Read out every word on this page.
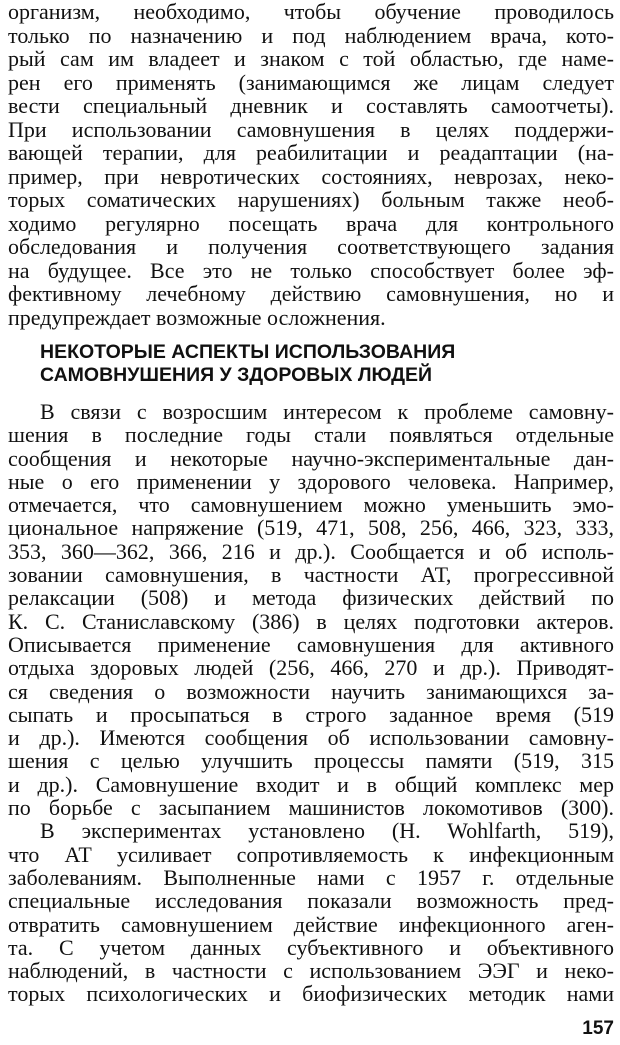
организм, необходимо, чтобы обучение проводилось
только по назначению и под наблюдением врача, кото-
рый сам им владеет и знаком с той областью, где наме-
рен его применять (занимающимся же лицам следует
вести специальный дневник и составлять самоотчеты).
При использовании самовнушения в целях поддержи-
вающей терапии, для реабилитации и реадаптации (на-
пример, при невротических состояниях, неврозах, неко-
торых соматических нарушениях) больным также необ-
ходимо регулярно посещать врача для контрольного
обследования и получения соответствующего задания
на будущее. Все это не только способствует более эф-
фективному лечебному действию самовнушения, но и
предупреждает возможные осложнения.
НЕКОТОРЫЕ АСПЕКТЫ ИСПОЛЬЗОВАНИЯ
САМОВНУШЕНИЯ У ЗДОРОВЫХ ЛЮДЕЙ
В связи с возросшим интересом к проблеме самовну-
шения в последние годы стали появляться отдельные
сообщения и некоторые научно-экспериментальные дан-
ные о его применении у здорового человека. Например,
отмечается, что самовнушением можно уменьшить эмо-
циональное напряжение (519, 471, 508, 256, 466, 323, 333,
353, 360—362, 366, 216 и др.). Сообщается и об исполь-
зовании самовнушения, в частности АТ, прогрессивной
релаксации (508) и метода физических действий по
К. С. Станиславскому (386) в целях подготовки актеров.
Описывается применение самовнушения для активного
отдыха здоровых людей (256, 466, 270 и др.). Приводят-
ся сведения о возможности научить занимающихся за-
сыпать и просыпаться в строго заданное время (519
и др.). Имеются сообщения об использовании самовну-
шения с целью улучшить процессы памяти (519, 315
и др.). Самовнушение входит и в общий комплекс мер
по борьбе с засыпанием машинистов локомотивов (300).
В экспериментах установлено (H. Wohlfarth, 519),
что АТ усиливает сопротивляемость к инфекционным
заболеваниям. Выполненные нами с 1957 г. отдельные
специальные исследования показали возможность пред-
отвратить самовнушением действие инфекционного аген-
та. С учетом данных субъективного и объективного
наблюдений, в частности с использованием ЭЭГ и неко-
торых психологических и биофизических методик нами
157
